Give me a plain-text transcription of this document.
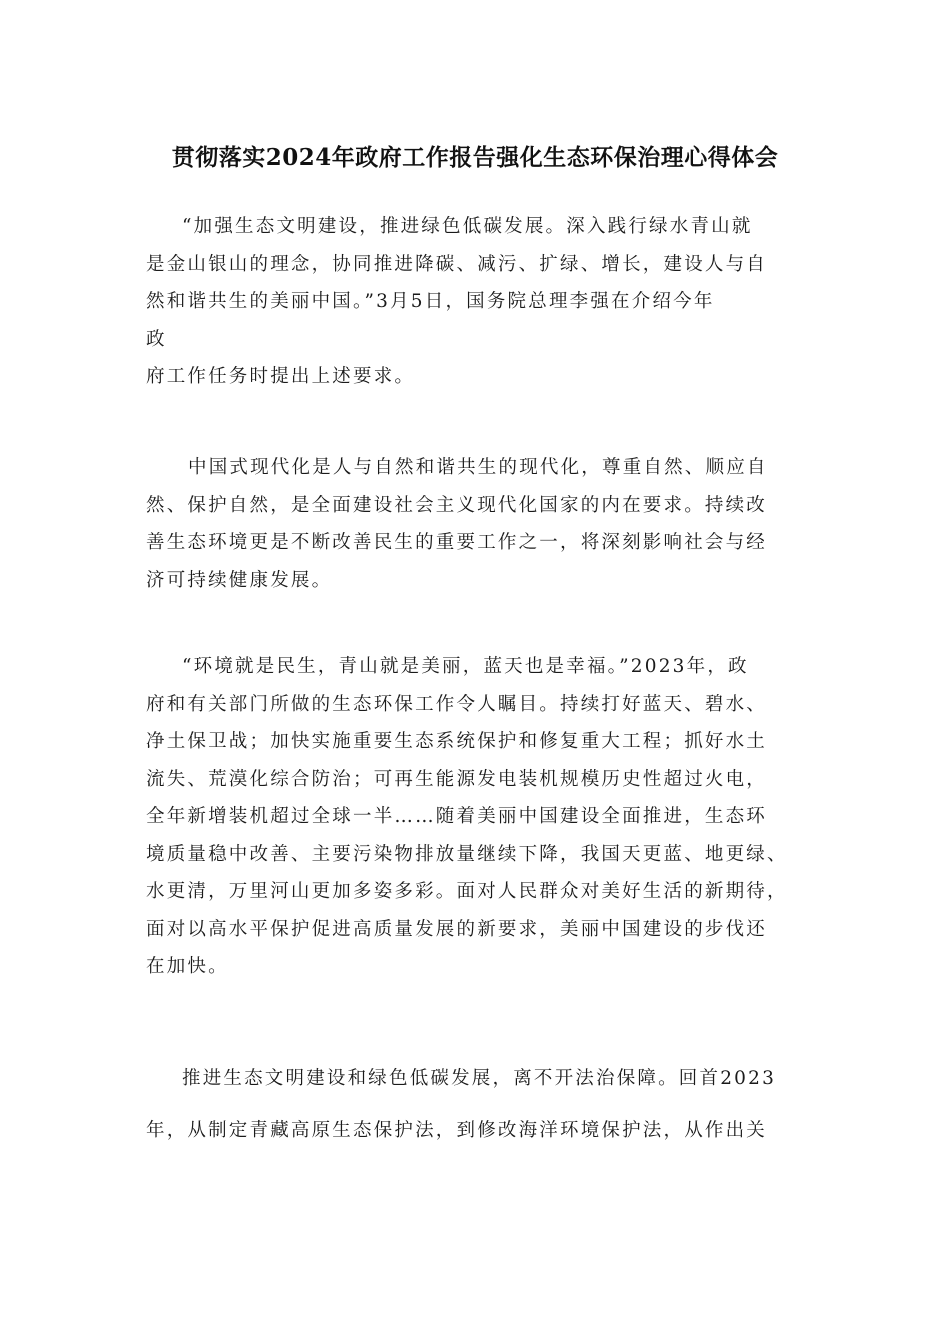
贯彻落实2024年政府工作报告强化生态环保治理心得体会
“加强生态文明建设，推进绿色低碳发展。深入践行绿水青山就
是金山银山的理念，协同推进降碳、减污、扩绿、增长，建设人与自
然和谐共生的美丽中国。”3月5日，国务院总理李强在介绍今年
政
府工作任务时提出上述要求。
中国式现代化是人与自然和谐共生的现代化，尊重自然、顺应自
然、保护自然，是全面建设社会主义现代化国家的内在要求。持续改
善生态环境更是不断改善民生的重要工作之一，将深刻影响社会与经
济可持续健康发展。
“环境就是民生，青山就是美丽，蓝天也是幸福。”2023年，政
府和有关部门所做的生态环保工作令人瞩目。持续打好蓝天、碧水、
净土保卫战；加快实施重要生态系统保护和修复重大工程；抓好水土
流失、荒漠化综合防治；可再生能源发电装机规模历史性超过火电，
全年新增装机超过全球一半……随着美丽中国建设全面推进，生态环
境质量稳中改善、主要污染物排放量继续下降，我国天更蓝、地更绿、
水更清，万里河山更加多姿多彩。面对人民群众对美好生活的新期待，
面对以高水平保护促进高质量发展的新要求，美丽中国建设的步伐还
在加快。
推进生态文明建设和绿色低碳发展，离不开法治保障。回首2023
年，从制定青藏高原生态保护法，到修改海洋环境保护法，从作出关
